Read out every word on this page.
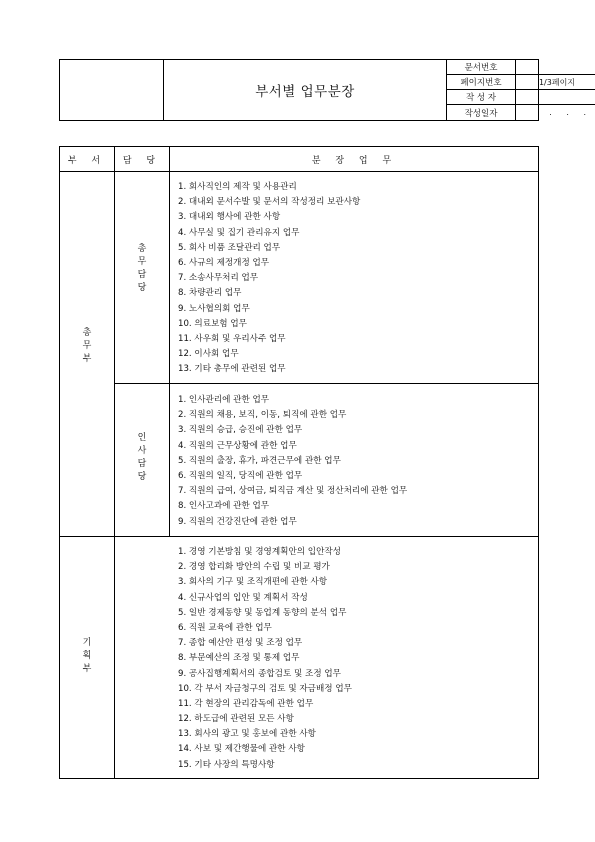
부서별 업무분장
문서번호
페이지번호
작 성 자
작성일자
1/3페이지
. . .
부 서	담 당	분 장 업 무
총
무
부
총
무
담
당
1. 회사직인의 제작 및 사용관리
2. 대내외 문서수발 및 문서의 작성정리 보관사항
3. 대내외 행사에 관한 사항
4. 사무실 및 집기 관리유지 업무
5. 회사 비품 조달관리 업무
6. 사규의 제정개정 업무
7. 소송사무처리 업무
8. 차량관리 업무
9. 노사협의회 업무
10. 의료보험 업무
11. 사우회 및 우리사주 업무
12. 이사회 업무
13. 기타 총무에 관련된 업무
인
사
담
당
1. 인사관리에 관한 업무
2. 직원의 채용, 보직, 이동, 퇴직에 관한 업무
3. 직원의 승급, 승진에 관한 업무
4. 직원의 근무상황에 관한 업무
5. 직원의 출장, 휴가, 파견근무에 관한 업무
6. 직원의 일직, 당직에 관한 업무
7. 직원의 급여, 상여금, 퇴직금 계산 및 정산처리에 관한 업무
8. 인사고과에 관한 업무
9. 직원의 건강진단에 관한 업무
기
획
부
1. 경영 기본방침 및 경영계획안의 입안작성
2. 경영 합리화 방안의 수립 및 비교 평가
3. 회사의 기구 및 조직개편에 관한 사항
4. 신규사업의 입안 및 계획서 작성
5. 일반 경제동향 및 동업계 동향의 분석 업무
6. 직원 교육에 관한 업무
7. 종합 예산안 편성 및 조정 업무
8. 부문예산의 조정 및 통제 업무
9. 공사집행계획서의 종합검토 및 조정 업무
10. 각 부서 자금청구의 검토 및 자금배정 업무
11. 각 현장의 관리감독에 관한 업무
12. 하도급에 관련된 모든 사항
13. 회사의 광고 및 홍보에 관한 사항
14. 사보 및 제간행물에 관한 사항
15. 기타 사장의 특명사항
